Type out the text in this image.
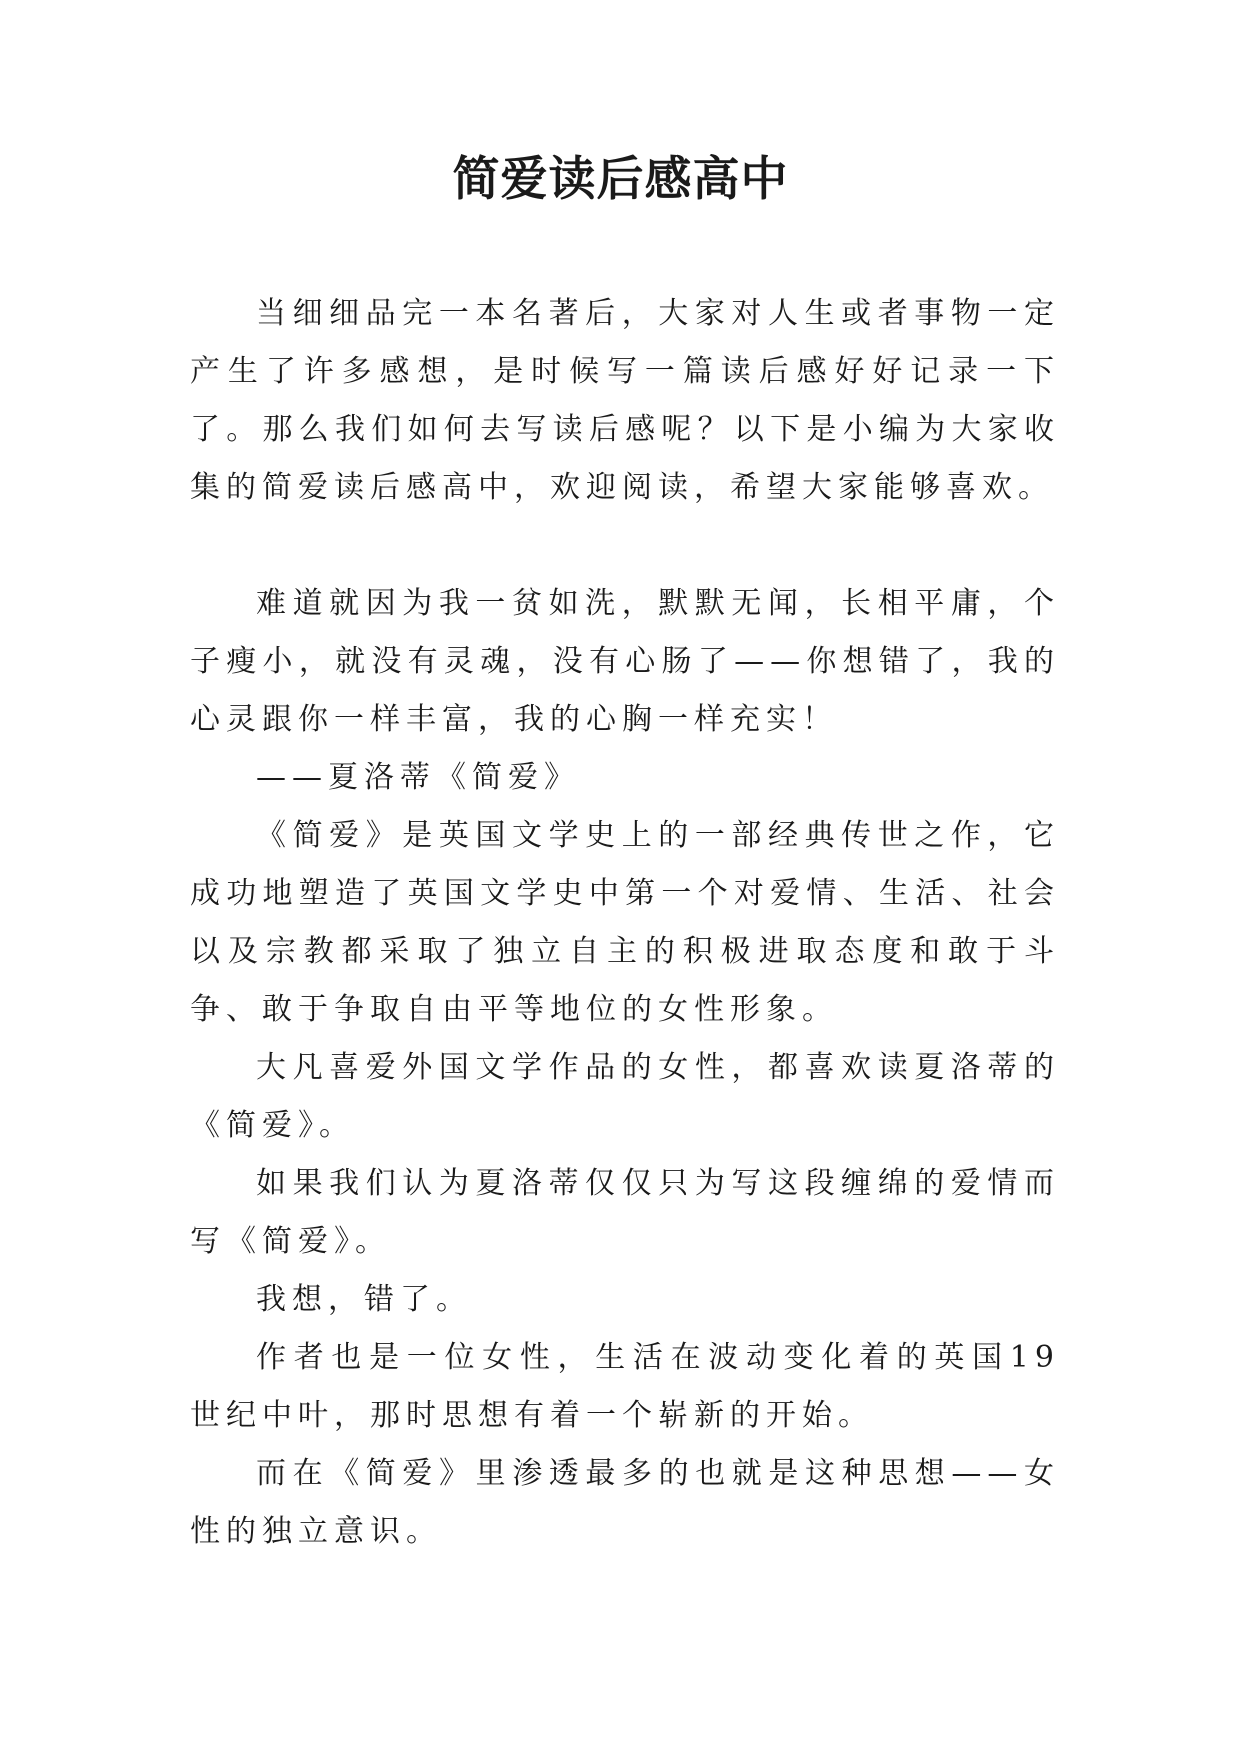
简爱读后感高中

当细细品完一本名著后，大家对人生或者事物一定产生了许多感想，是时候写一篇读后感好好记录一下了。那么我们如何去写读后感呢？以下是小编为大家收集的简爱读后感高中，欢迎阅读，希望大家能够喜欢。

难道就因为我一贫如洗，默默无闻，长相平庸，个子瘦小，就没有灵魂，没有心肠了——你想错了，我的心灵跟你一样丰富，我的心胸一样充实！

——夏洛蒂《简爱》

《简爱》是英国文学史上的一部经典传世之作，它成功地塑造了英国文学史中第一个对爱情、生活、社会以及宗教都采取了独立自主的积极进取态度和敢于斗争、敢于争取自由平等地位的女性形象。

大凡喜爱外国文学作品的女性，都喜欢读夏洛蒂的《简爱》。

如果我们认为夏洛蒂仅仅只为写这段缠绵的爱情而写《简爱》。

我想，错了。

作者也是一位女性，生活在波动变化着的英国19世纪中叶，那时思想有着一个崭新的开始。

而在《简爱》里渗透最多的也就是这种思想——女性的独立意识。
